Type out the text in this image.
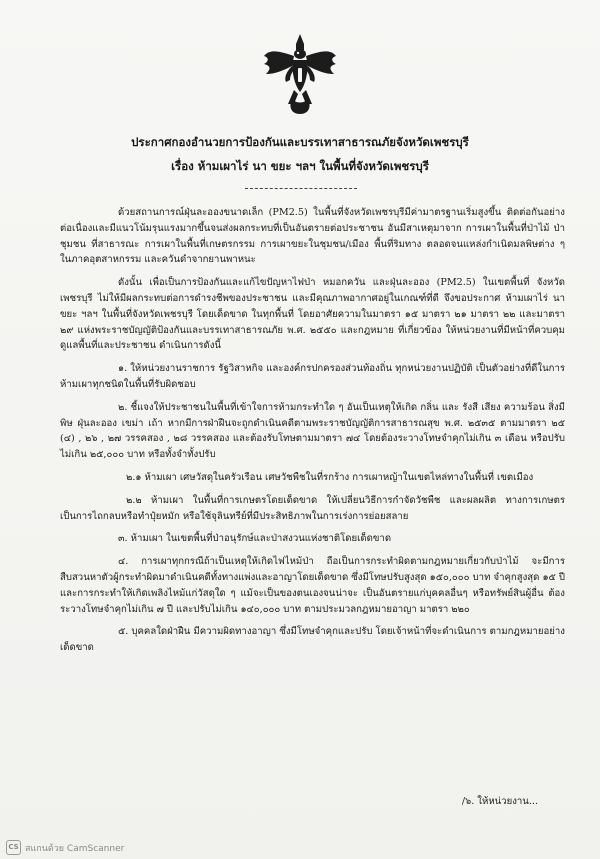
ประกาศกองอำนวยการป้องกันและบรรเทาสาธารณภัยจังหวัดเพชรบุรี
เรื่อง ห้ามเผาไร่ นา ขยะ ฯลฯ ในพื้นที่จังหวัดเพชรบุรี

ด้วยสถานการณ์ฝุ่นละอองขนาดเล็ก (PM2.5) ในพื้นที่จังหวัดเพชรบุรีมีค่ามาตรฐานเริ่มสูงขึ้น ติดต่อกันอย่างต่อเนื่องและมีแนวโน้มรุนแรงมากขึ้นจนส่งผลกระทบที่เป็นอันตรายต่อประชาชน อันมีสาเหตุมาจาก การเผาในพื้นที่ป่าไม้ ป่าชุมชน ที่สาธารณะ การเผาในพื้นที่เกษตรกรรม การเผาขยะในชุมชน/เมือง พื้นที่ริมทาง ตลอดจนแหล่งกำเนิดมลพิษต่าง ๆ ในภาคอุตสาหกรรม และควันดำจากยานพาหนะ

ดังนั้น เพื่อเป็นการป้องกันและแก้ไขปัญหาไฟป่า หมอกควัน และฝุ่นละออง (PM2.5) ในเขตพื้นที่ จังหวัดเพชรบุรี ไม่ให้มีผลกระทบต่อการดำรงชีพของประชาชน และมีคุณภาพอากาศอยู่ในเกณฑ์ที่ดี จึงขอประกาศ ห้ามเผาไร่ นา ขยะ ฯลฯ ในพื้นที่จังหวัดเพชรบุรี โดยเด็ดขาด ในทุกพื้นที่ โดยอาศัยความในมาตรา ๑๕ มาตรา ๒๑ มาตรา ๒๒ และมาตรา ๒๙ แห่งพระราชบัญญัติป้องกันและบรรเทาสาธารณภัย พ.ศ. ๒๕๕๐ และกฎหมาย ที่เกี่ยวข้อง ให้หน่วยงานที่มีหน้าที่ควบคุมดูแลพื้นที่และประชาชน ดำเนินการดังนี้

๑. ให้หน่วยงานราชการ รัฐวิสาหกิจ และองค์กรปกครองส่วนท้องถิ่น ทุกหน่วยงานปฏิบัติ เป็นตัวอย่างที่ดีในการห้ามเผาทุกชนิดในพื้นที่รับผิดชอบ

๒. ชี้แจงให้ประชาชนในพื้นที่เข้าใจการห้ามกระทำใด ๆ อันเป็นเหตุให้เกิด กลิ่น และ รังสี เสียง ความร้อน สิ่งมีพิษ ฝุ่นละออง เขม่า เถ้า หากมีการฝ่าฝืนจะถูกดำเนินคดีตามพระราชบัญญัติการสาธารณสุข พ.ศ. ๒๕๓๕ ตามมาตรา ๒๕ (๔) , ๒๖ , ๒๗ วรรคสอง , ๒๘ วรรคสอง และต้องรับโทษตามมาตรา ๗๔ โดยต้องระวางโทษจำคุกไม่เกิน ๓ เดือน หรือปรับไม่เกิน ๒๕,๐๐๐ บาท หรือทั้งจำทั้งปรับ

๒.๑ ห้ามเผา เศษวัสดุในครัวเรือน เศษวัชพืชในที่รกร้าง การเผาหญ้าในเขตไหล่ทางในพื้นที่ เขตเมือง

๒.๒ ห้ามเผา ในพื้นที่การเกษตรโดยเด็ดขาด ให้เปลี่ยนวิธีการกำจัดวัชพืช และผลผลิต ทางการเกษตรเป็นการไถกลบหรือทำปุ๋ยหมัก หรือใช้จุลินทรีย์ที่มีประสิทธิภาพในการเร่งการย่อยสลาย

๓. ห้ามเผา ในเขตพื้นที่ป่าอนุรักษ์และป่าสงวนแห่งชาติโดยเด็ดขาด

๔. การเผาทุกกรณีถ้าเป็นเหตุให้เกิดไฟไหม้ป่า ถือเป็นการกระทำผิดตามกฎหมายเกี่ยวกับป่าไม้ จะมีการสืบสวนหาตัวผู้กระทำผิดมาดำเนินคดีทั้งทางแพ่งและอาญาโดยเด็ดขาด ซึ่งมีโทษปรับสูงสุด ๑๕๐,๐๐๐ บาท จำคุกสูงสุด ๑๕ ปี และการกระทำให้เกิดเพลิงไหม้แก่วัสดุใด ๆ แม้จะเป็นของตนเองจนน่าจะ เป็นอันตรายแก่บุคคลอื่นๆ หรือทรัพย์สินผู้อื่น ต้องระวางโทษจำคุกไม่เกิน ๗ ปี และปรับไม่เกิน ๑๔๐,๐๐๐ บาท ตามประมวลกฎหมายอาญา มาตรา ๒๒๐

๕. บุคคลใดฝ่าฝืน มีความผิดทางอาญา ซึ่งมีโทษจำคุกและปรับ โดยเจ้าหน้าที่จะดำเนินการ ตามกฎหมายอย่างเด็ดขาด

/๖. ให้หน่วยงาน...
CS สแกนด้วย CamScanner
